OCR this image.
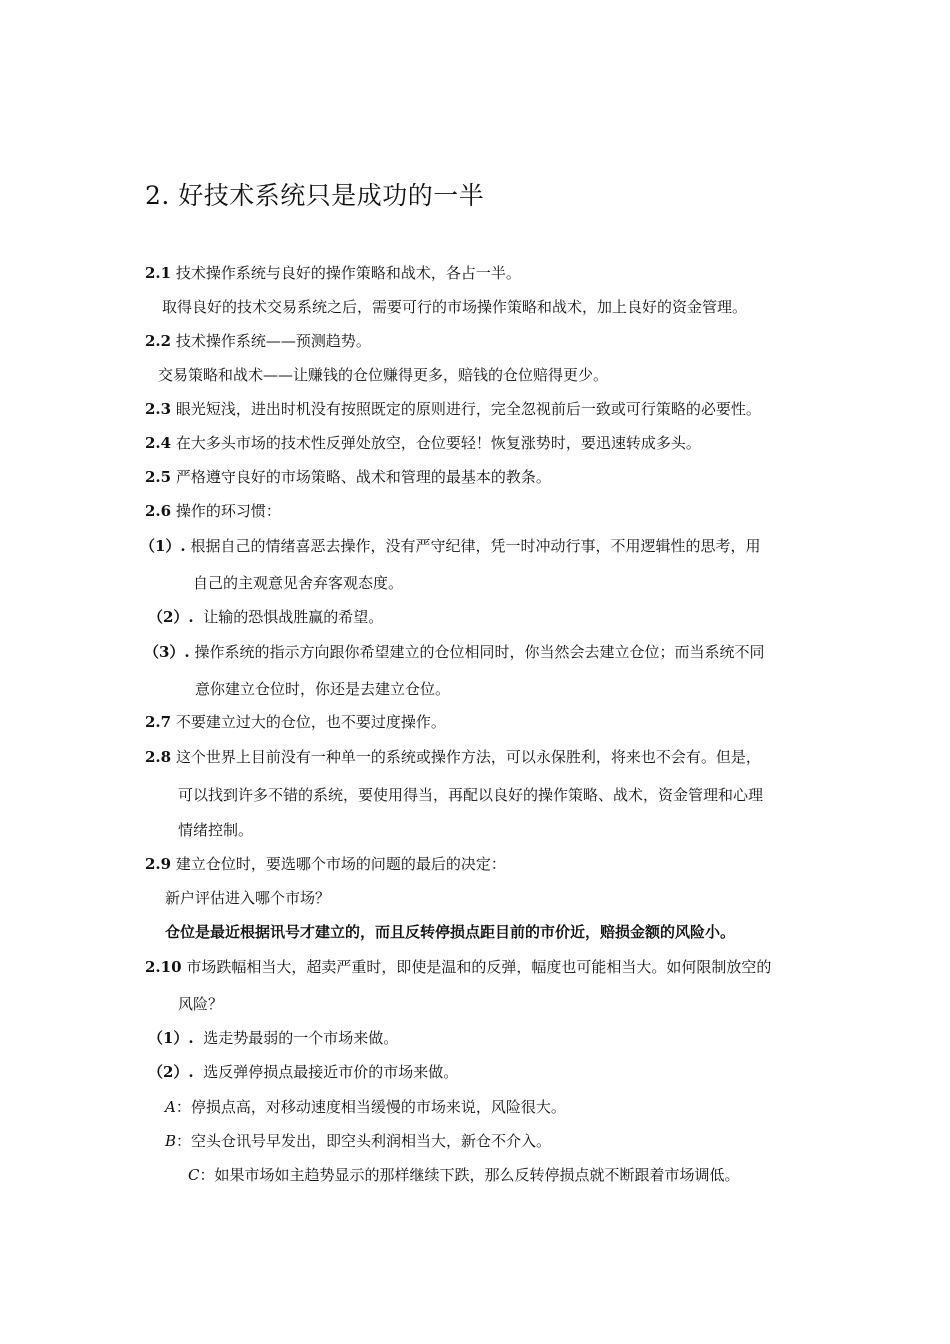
2. 好技术系统只是成功的一半
2.1 技术操作系统与良好的操作策略和战术，各占一半。
取得良好的技术交易系统之后，需要可行的市场操作策略和战术，加上良好的资金管理。
2.2 技术操作系统——预测趋势。
交易策略和战术——让赚钱的仓位赚得更多，赔钱的仓位赔得更少。
2.3 眼光短浅，进出时机没有按照既定的原则进行，完全忽视前后一致或可行策略的必要性。
2.4 在大多头市场的技术性反弹处放空，仓位要轻！恢复涨势时，要迅速转成多头。
2.5 严格遵守良好的市场策略、战术和管理的最基本的教条。
2.6 操作的环习惯：
（1）. 根据自己的情绪喜恶去操作，没有严守纪律，凭一时冲动行事，不用逻辑性的思考，用
自己的主观意见舍弃客观态度。
（2）. 让输的恐惧战胜赢的希望。
（3）. 操作系统的指示方向跟你希望建立的仓位相同时，你当然会去建立仓位；而当系统不同
意你建立仓位时，你还是去建立仓位。
2.7 不要建立过大的仓位，也不要过度操作。
2.8 这个世界上目前没有一种单一的系统或操作方法，可以永保胜利，将来也不会有。但是，
可以找到许多不错的系统，要使用得当，再配以良好的操作策略、战术，资金管理和心理
情绪控制。
2.9 建立仓位时，要选哪个市场的问题的最后的决定：
新户评估进入哪个市场？
仓位是最近根据讯号才建立的，而且反转停损点距目前的市价近，赔损金额的风险小。
2.10 市场跌幅相当大，超卖严重时，即使是温和的反弹，幅度也可能相当大。如何限制放空的
风险？
（1）. 选走势最弱的一个市场来做。
（2）. 选反弹停损点最接近市价的市场来做。
A：停损点高，对移动速度相当缓慢的市场来说，风险很大。
B：空头仓讯号早发出，即空头利润相当大，新仓不介入。
C：如果市场如主趋势显示的那样继续下跌，那么反转停损点就不断跟着市场调低。
